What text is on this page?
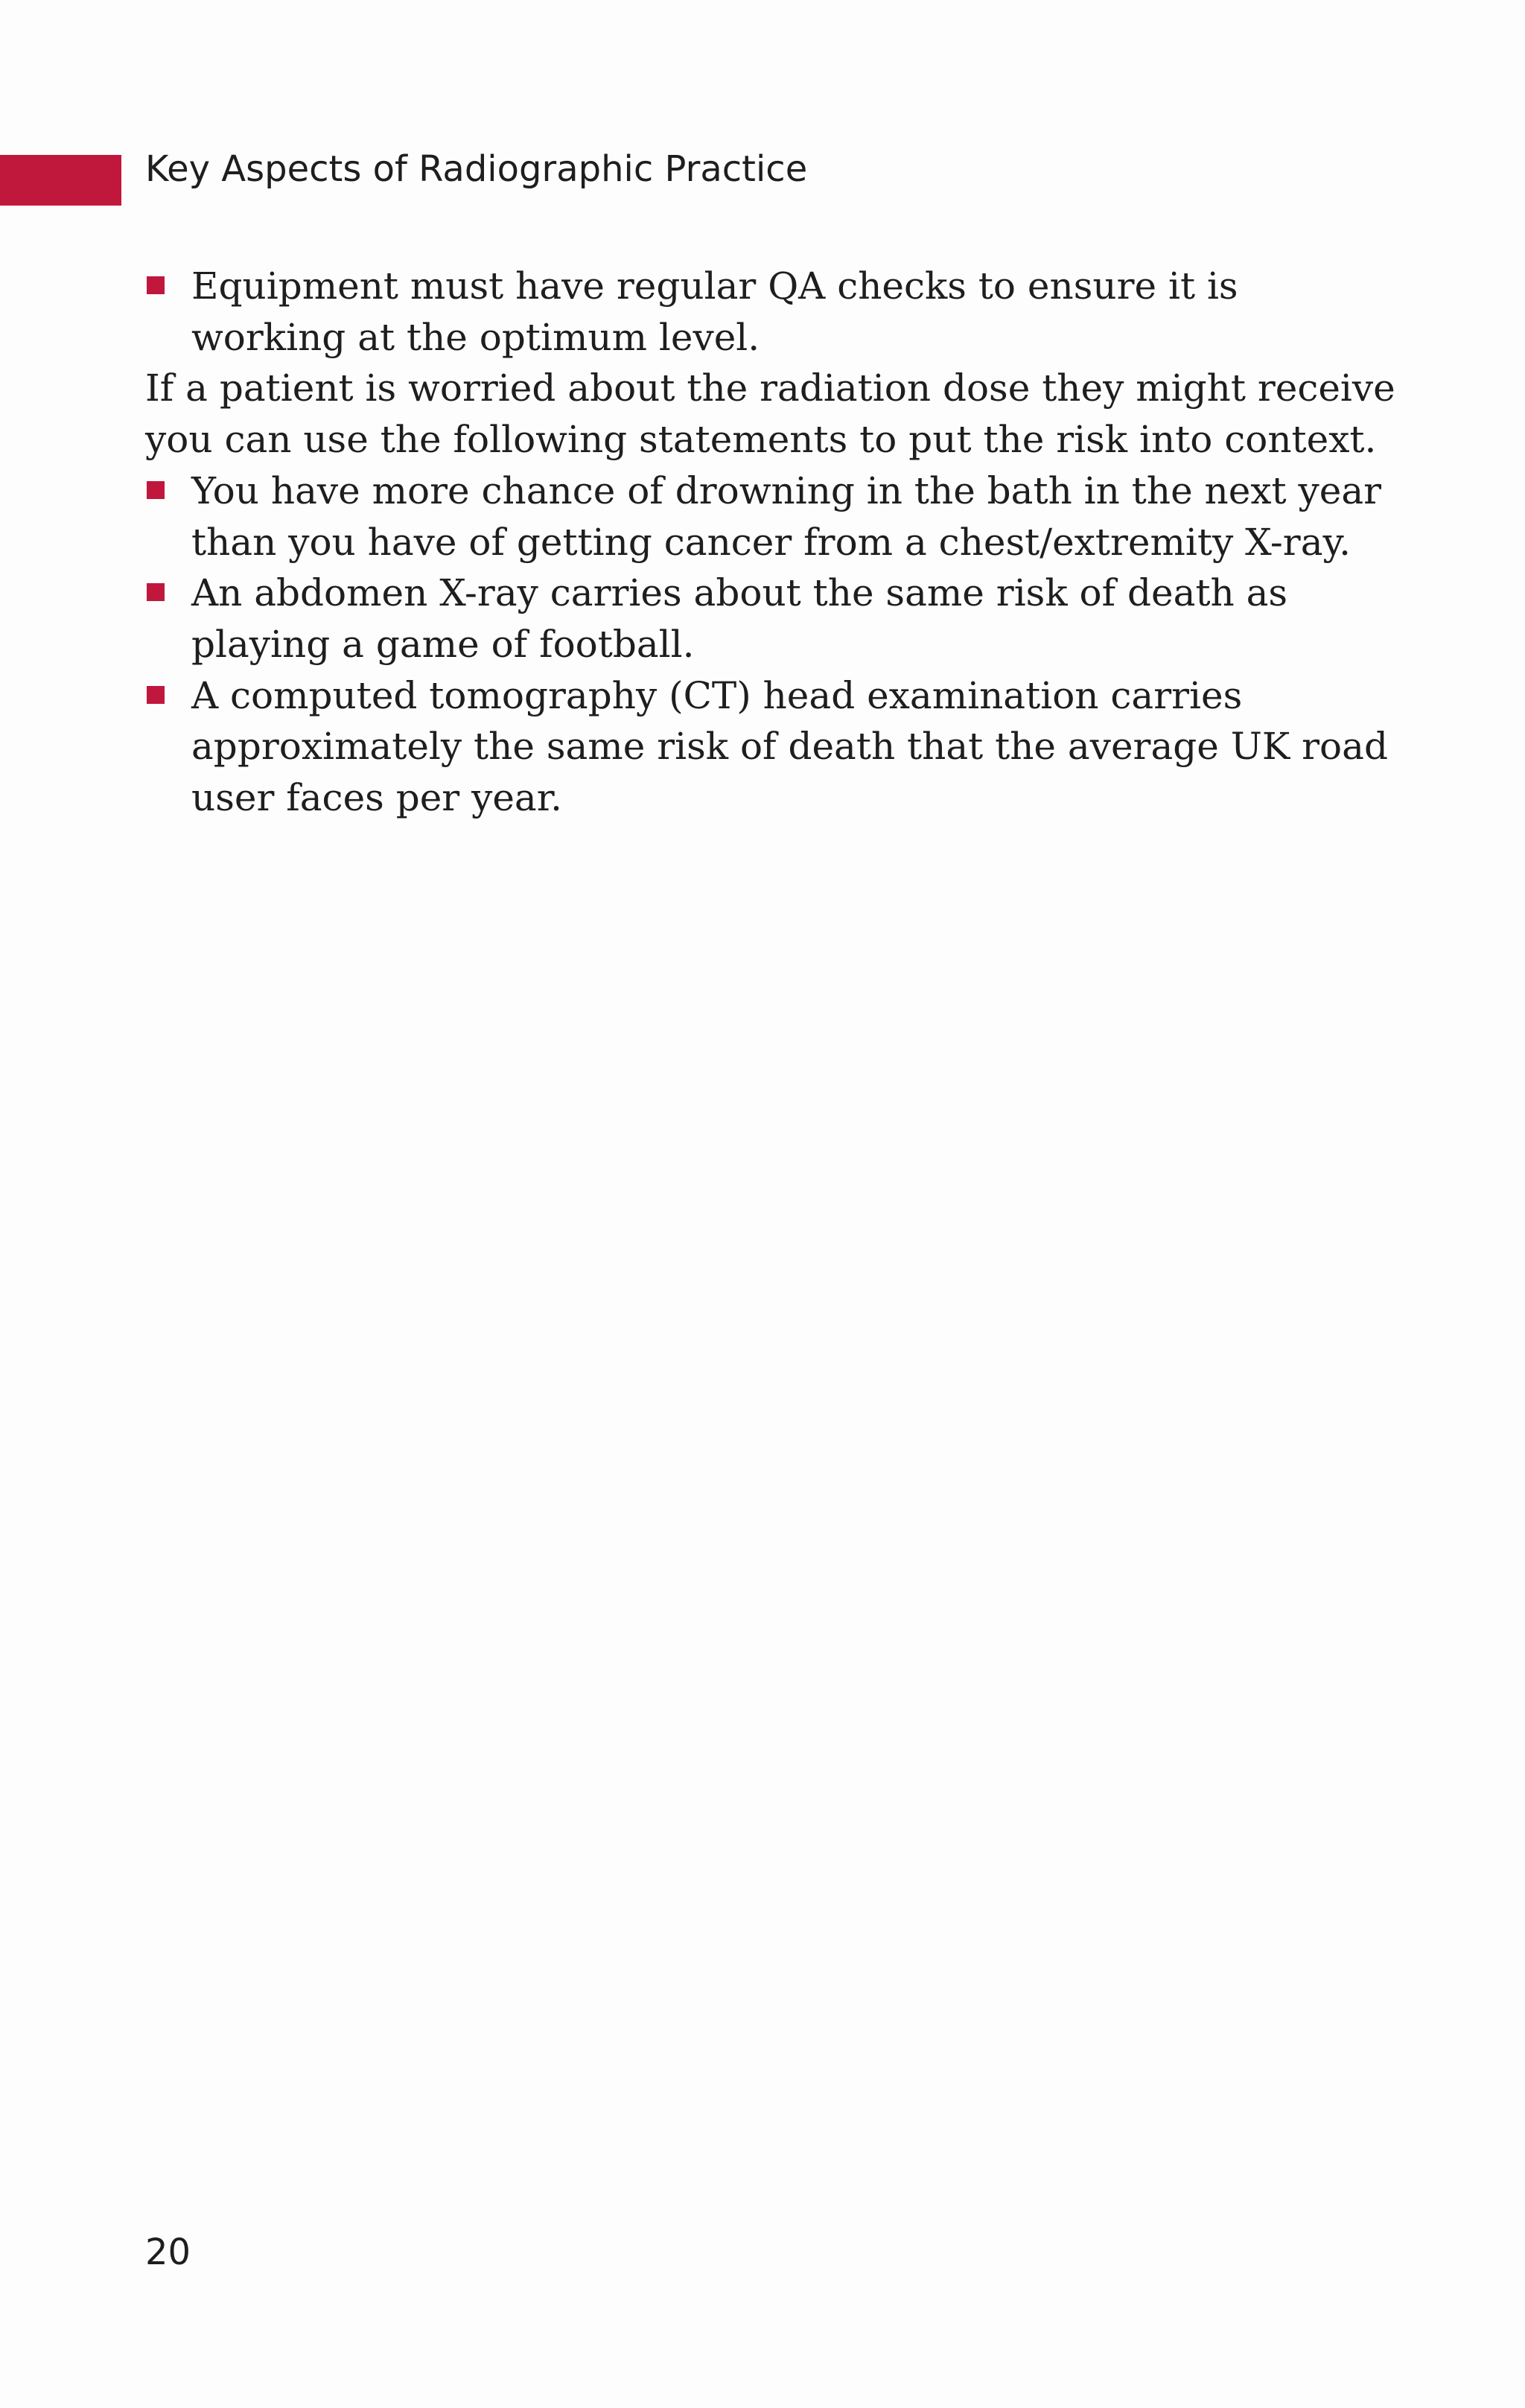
Key Aspects of Radiographic Practice
Equipment must have regular QA checks to ensure it is working at the optimum level.

If a patient is worried about the radiation dose they might receive you can use the following statements to put the risk into context.

You have more chance of drowning in the bath in the next year than you have of getting cancer from a chest/extremity X-ray.
An abdomen X-ray carries about the same risk of death as playing a game of football.
A computed tomography (CT) head examination carries approximately the same risk of death that the average UK road user faces per year.
20
